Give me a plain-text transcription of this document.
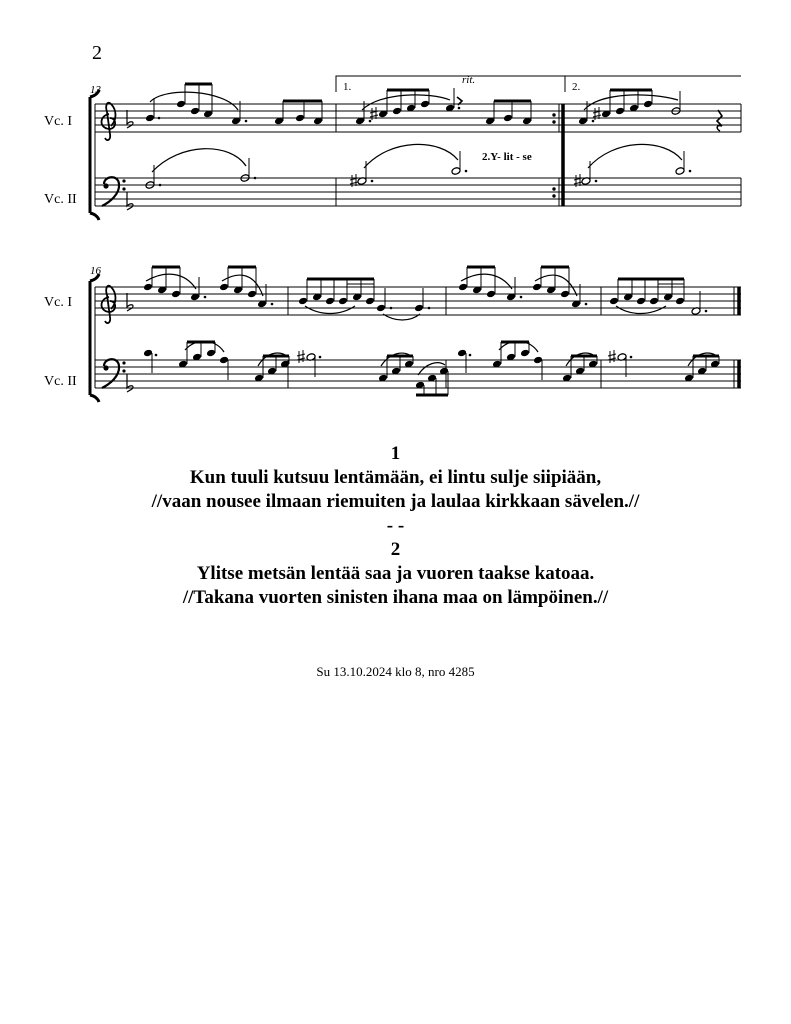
2
13
Vc. I
Vc. II
1.	2.
rit.
2.Y- lit - se
16
Vc. I
Vc. II
1
Kun tuuli kutsuu lentämään, ei lintu sulje siipiään,
//vaan nousee ilmaan riemuiten ja laulaa kirkkaan sävelen.//
- -
2
Ylitse metsän lentää saa ja vuoren taakse katoaa.
//Takana vuorten sinisten ihana maa on lämpöinen.//
Su 13.10.2024 klo 8, nro 4285
